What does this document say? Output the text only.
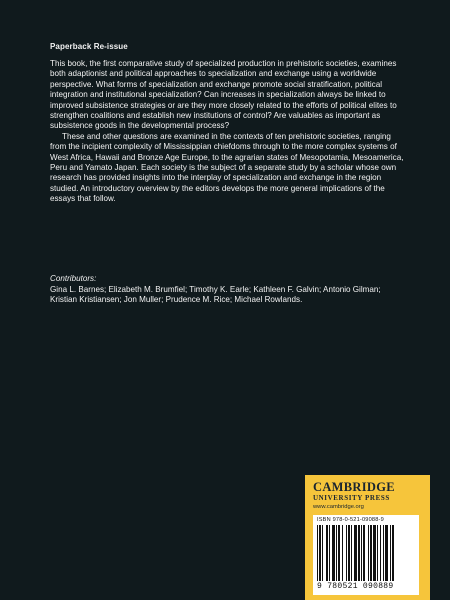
Paperback Re-issue

This book, the first comparative study of specialized production in prehistoric societies, examines both adaptionist and political approaches to specialization and exchange using a worldwide perspective. What forms of specialization and exchange promote social stratification, political integration and institutional specialization? Can increases in specialization always be linked to improved subsistence strategies or are they more closely related to the efforts of political elites to strengthen coalitions and establish new institutions of control? Are valuables as important as subsistence goods in the developmental process?

These and other questions are examined in the contexts of ten prehistoric societies, ranging from the incipient complexity of Mississippian chiefdoms through to the more complex systems of West Africa, Hawaii and Bronze Age Europe, to the agrarian states of Mesopotamia, Mesoamerica, Peru and Yamato Japan. Each society is the subject of a separate study by a scholar whose own research has provided insights into the interplay of specialization and exchange in the region studied. An introductory overview by the editors develops the more general implications of the essays that follow.

Contributors:
Gina L. Barnes; Elizabeth M. Brumfiel; Timothy K. Earle; Kathleen F. Galvin; Antonio Gilman; Kristian Kristiansen; Jon Muller; Prudence M. Rice; Michael Rowlands.
CAMBRIDGE
UNIVERSITY PRESS
www.cambridge.org
ISBN 978-0-521-09088-9
9 780521 090889
